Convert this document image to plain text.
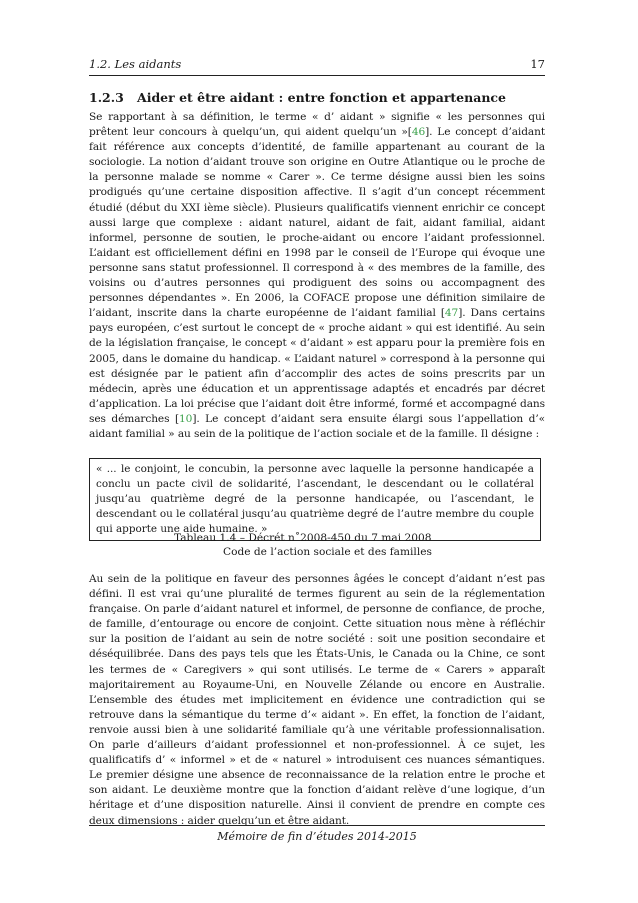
1.2. Les aidants	17
1.2.3 Aider et être aidant : entre fonction et appartenance

Se rapportant à sa définition, le terme « d’ aidant » signifie « les personnes qui prêtent leur concours à quelqu’un, qui aident quelqu’un »[46]. Le concept d’aidant fait référence aux concepts d’identité, de famille appartenant au courant de la sociologie. La notion d’aidant trouve son origine en Outre Atlantique ou le proche de la personne malade se nomme « Carer ». Ce terme désigne aussi bien les soins prodigués qu’une certaine disposition affective. Il s’agit d’un concept récemment étudié (début du XXI ième siècle). Plusieurs qualificatifs viennent enrichir ce concept aussi large que complexe : aidant naturel, aidant de fait, aidant familial, aidant informel, personne de soutien, le proche-aidant ou encore l’aidant professionnel. L’aidant est officiellement défini en 1998 par le conseil de l’Europe qui évoque une personne sans statut professionnel. Il correspond à « des membres de la famille, des voisins ou d’autres personnes qui prodiguent des soins ou accompagnent des personnes dépendantes ». En 2006, la COFACE propose une définition similaire de l’aidant, inscrite dans la charte européenne de l’aidant familial [47]. Dans certains pays européen, c’est surtout le concept de « proche aidant » qui est identifié. Au sein de la législation française, le concept « d’aidant » est apparu pour la première fois en 2005, dans le domaine du handicap. « L’aidant naturel » correspond à la personne qui est désignée par le patient afin d’accomplir des actes de soins prescrits par un médecin, après une éducation et un apprentissage adaptés et encadrés par décret d’application. La loi précise que l’aidant doit être informé, formé et accompagné dans ses démarches [10]. Le concept d’aidant sera ensuite élargi sous l’appellation d’« aidant familial » au sein de la politique de l’action sociale et de la famille. Il désigne :

« ... le conjoint, le concubin, la personne avec laquelle la personne handicapée a conclu un pacte civil de solidarité, l’ascendant, le descendant ou le collatéral jusqu’au quatrième degré de la personne handicapée, ou l’ascendant, le descendant ou le collatéral jusqu’au quatrième degré de l’autre membre du couple qui apporte une aide humaine. »
Tableau 1.4 – Décrét n˚2008-450 du 7 mai 2008
Code de l’action sociale et des familles

Au sein de la politique en faveur des personnes âgées le concept d’aidant n’est pas défini. Il est vrai qu’une pluralité de termes figurent au sein de la réglementation française. On parle d’aidant naturel et informel, de personne de confiance, de proche, de famille, d’entourage ou encore de conjoint. Cette situation nous mène à réfléchir sur la position de l’aidant au sein de notre société : soit une position secondaire et déséquilibrée. Dans des pays tels que les États-Unis, le Canada ou la Chine, ce sont les termes de « Caregivers » qui sont utilisés. Le terme de « Carers » apparaît majoritairement au Royaume-Uni, en Nouvelle Zélande ou encore en Australie. L’ensemble des études met implicitement en évidence une contradiction qui se retrouve dans la sémantique du terme d’« aidant ». En effet, la fonction de l’aidant, renvoie aussi bien à une solidarité familiale qu’à une véritable professionnalisation. On parle d’ailleurs d’aidant professionnel et non-professionnel. À ce sujet, les qualificatifs d’ « informel » et de « naturel » introduisent ces nuances sémantiques. Le premier désigne une absence de reconnaissance de la relation entre le proche et son aidant. Le deuxième montre que la fonction d’aidant relève d’une logique, d’un héritage et d’une disposition naturelle. Ainsi il convient de prendre en compte ces deux dimensions : aider quelqu’un et être aidant.

Mémoire de fin d’études 2014-2015
